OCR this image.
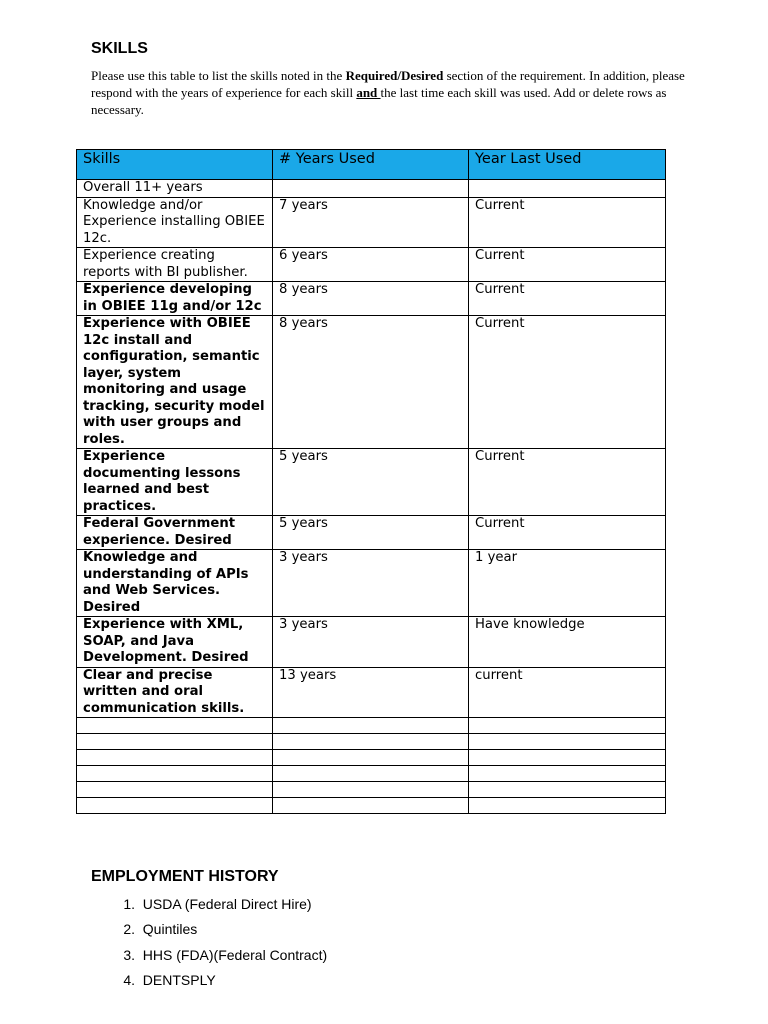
SKILLS

Please use this table to list the skills noted in the Required/Desired section of the requirement. In addition, please respond with the years of experience for each skill and the last time each skill was used. Add or delete rows as necessary.

Skills	# Years Used	Year Last Used
Overall 11+ years		
Knowledge and/or Experience installing OBIEE 12c.	7 years	Current
Experience creating reports with BI publisher.	6 years	Current
Experience developing in OBIEE 11g and/or 12c	8 years	Current
Experience with OBIEE 12c install and configuration, semantic layer, system monitoring and usage tracking, security model with user groups and roles.	8 years	Current
Experience documenting lessons learned and best practices.	5 years	Current
Federal Government experience. Desired	5 years	Current
Knowledge and understanding of APIs and Web Services. Desired	3 years	1 year
Experience with XML, SOAP, and Java Development. Desired	3 years	Have knowledge
Clear and precise written and oral communication skills.	13 years	current

EMPLOYMENT HISTORY
1. USDA (Federal Direct Hire)
2. Quintiles
3. HHS (FDA)(Federal Contract)
4. DENTSPLY
